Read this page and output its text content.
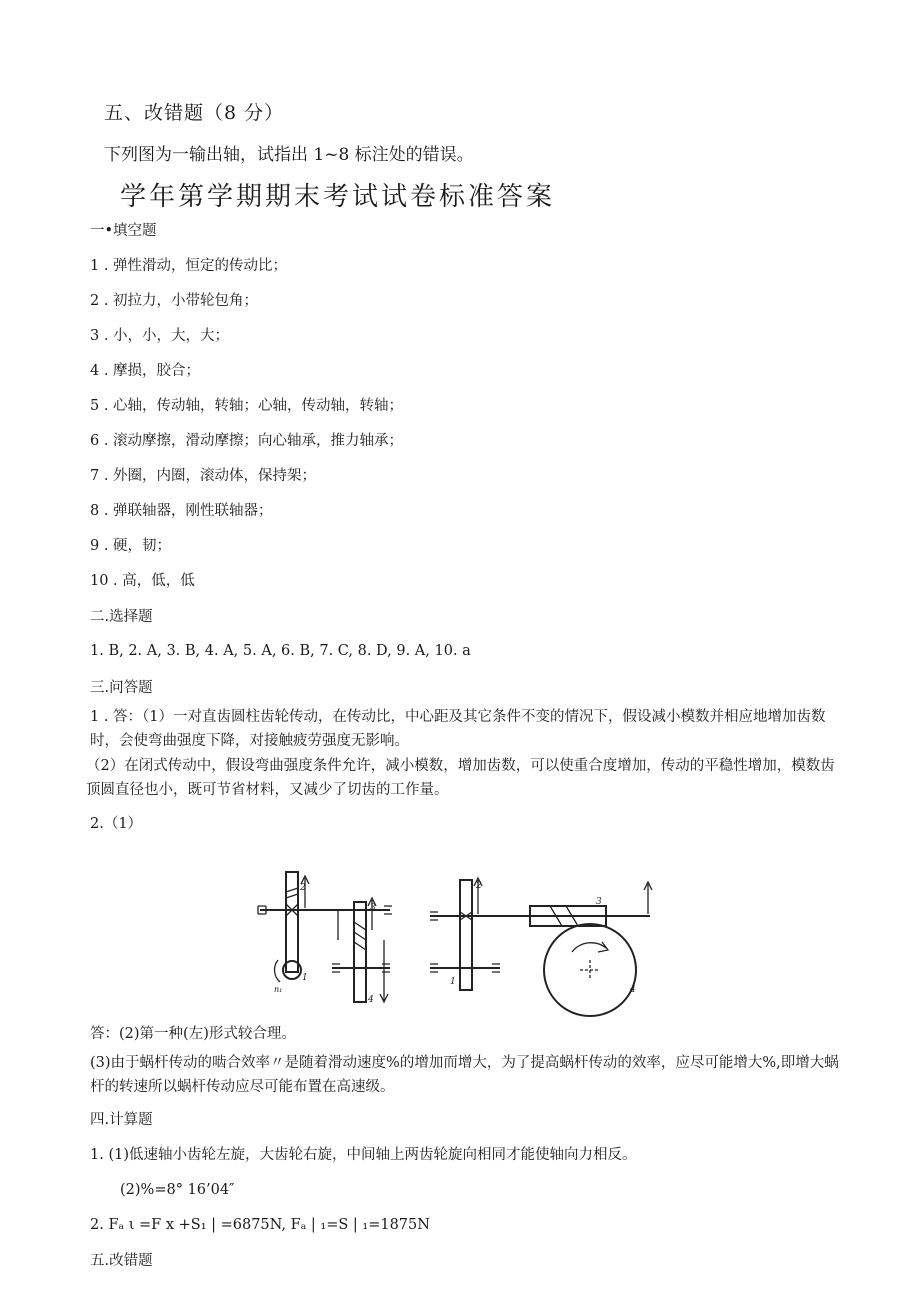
五、改错题（8 分）
下列图为一输出轴，试指出 1~8 标注处的错误。
学年第学期期末考试试卷标准答案
一•填空题
1 . 弹性滑动，恒定的传动比；
2 . 初拉力，小带轮包角；
3 . 小，小，大，大；
4 . 摩损，胶合；
5 . 心轴，传动轴，转轴；心轴，传动轴，转轴；
6 . 滚动摩擦，滑动摩擦；向心轴承，推力轴承；
7 . 外圈，内圈，滚动体，保持架；
8 . 弹联轴器，刚性联轴器；
9 . 硬，韧；
10 . 高，低，低
二.选择题
1. B, 2. A, 3. B, 4. A, 5. A, 6. B, 7. C, 8. D, 9. A, 10. a
三.问答题
1 . 答：（1）一对直齿圆柱齿轮传动，在传动比，中心距及其它条件不变的情况下，假设减小模数并相应地增加齿数时，会使弯曲强度下降，对接触疲劳强度无影响。
（2）在闭式传动中，假设弯曲强度条件允许，减小模数，增加齿数，可以使重合度增加，传动的平稳性增加，模数齿顶圆直径也小，既可节省材料，又减少了切齿的工作量。
2.（1）
2
3
1
n₁
4
2
3
1
4
答：(2)第一种(左)形式较合理。
(3)由于蜗杆传动的啮合效率〃是随着滑动速度%的增加而增大，为了提高蜗杆传动的效率，应尽可能增大%,即增大蜗杆的转速所以蜗杆传动应尽可能布置在高速级。
四.计算题
1. (1)低速轴小齿轮左旋，大齿轮右旋，中间轴上两齿轮旋向相同才能使轴向力相反。
(2)%=8° 16’04″
2. Fₐ ι =F x +S₁ | =6875N, Fₐ | ₁=S | ₁=1875N
五.改错题
